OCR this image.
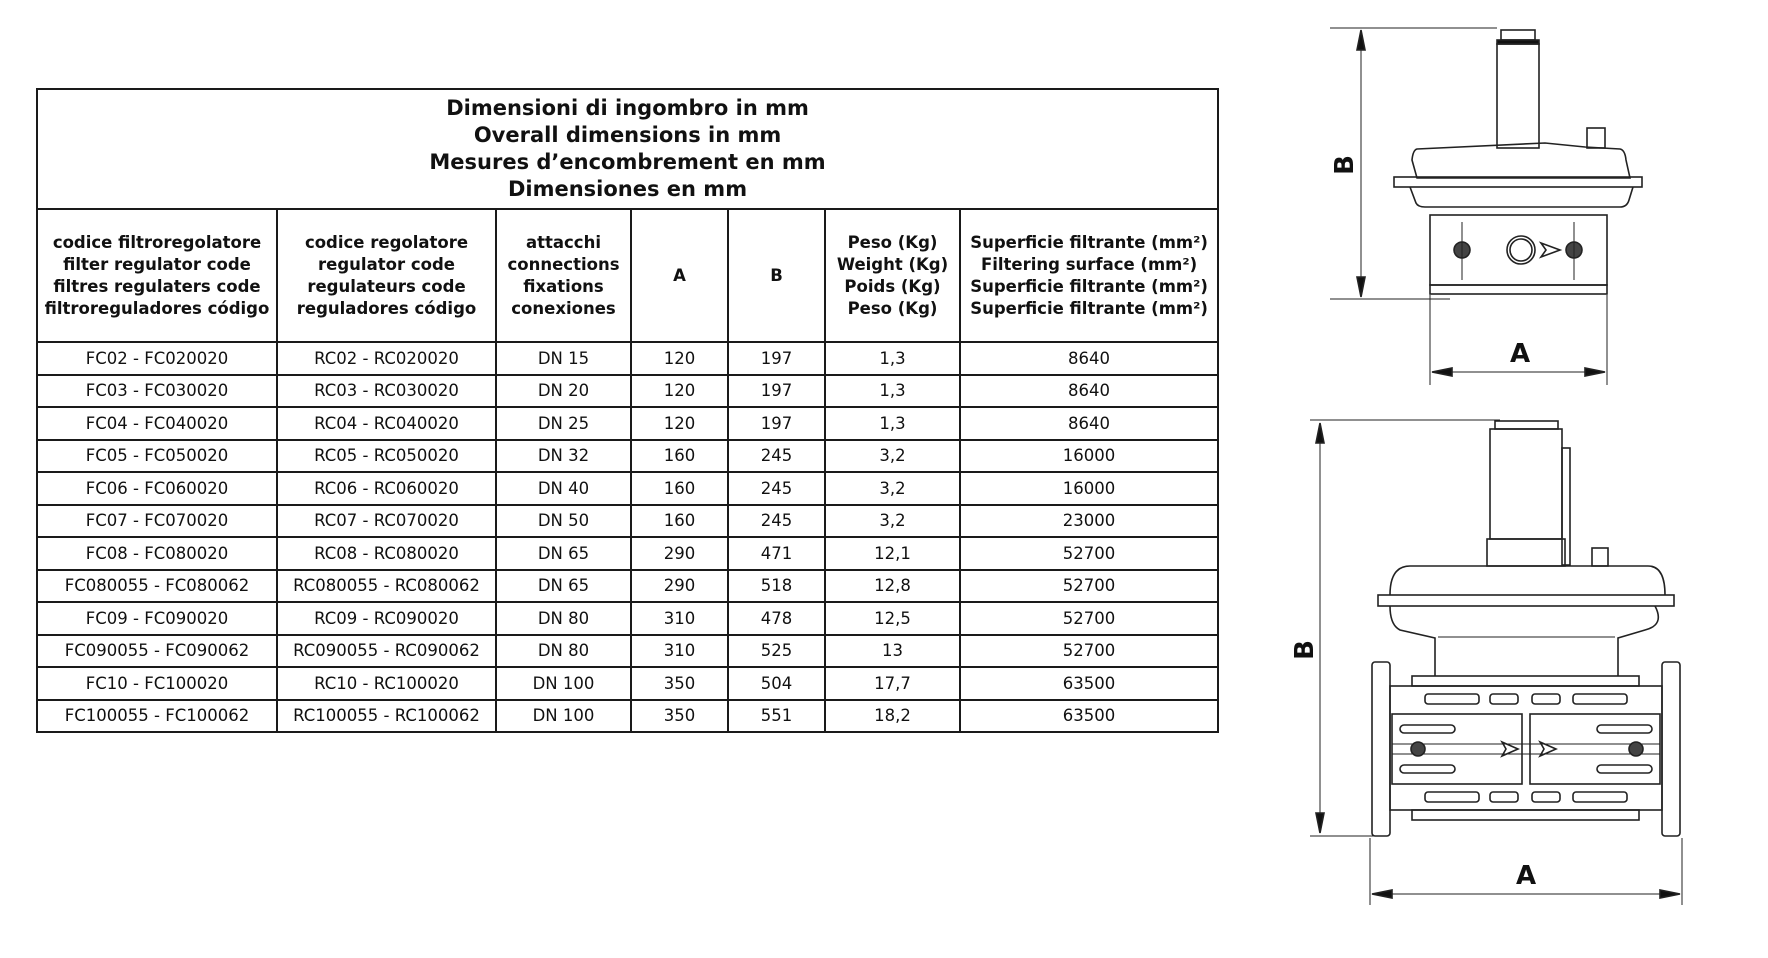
Dimensioni di ingombro in mm
Overall dimensions in mm
Mesures d’encombrement en mm
Dimensiones en mm						

codice filtroregolatore
filter regulator code
filtres regulaters code
filtroreguladores código	codice regolatore
regulator code
regulateurs code
reguladores código	attacchi
connections
fixations
conexiones	A	B	Peso (Kg)
Weight (Kg)
Poids (Kg)
Peso (Kg)	Superficie filtrante (mm²)
Filtering surface (mm²)
Superficie filtrante (mm²)
Superficie filtrante (mm²)

FC02 - FC020020	RC02 - RC020020	DN 15	120	197	1,3	8640
FC03 - FC030020	RC03 - RC030020	DN 20	120	197	1,3	8640
FC04 - FC040020	RC04 - RC040020	DN 25	120	197	1,3	8640
FC05 - FC050020	RC05 - RC050020	DN 32	160	245	3,2	16000
FC06 - FC060020	RC06 - RC060020	DN 40	160	245	3,2	16000
FC07 - FC070020	RC07 - RC070020	DN 50	160	245	3,2	23000
FC08 - FC080020	RC08 - RC080020	DN 65	290	471	12,1	52700
FC080055 - FC080062	RC080055 - RC080062	DN 65	290	518	12,8	52700
FC09 - FC090020	RC09 - RC090020	DN 80	310	478	12,5	52700
FC090055 - FC090062	RC090055 - RC090062	DN 80	310	525	13	52700
FC10 - FC100020	RC10 - RC100020	DN 100	350	504	17,7	63500
FC100055 - FC100062	RC100055 - RC100062	DN 100	350	551	18,2	63500
B
A
B
A
